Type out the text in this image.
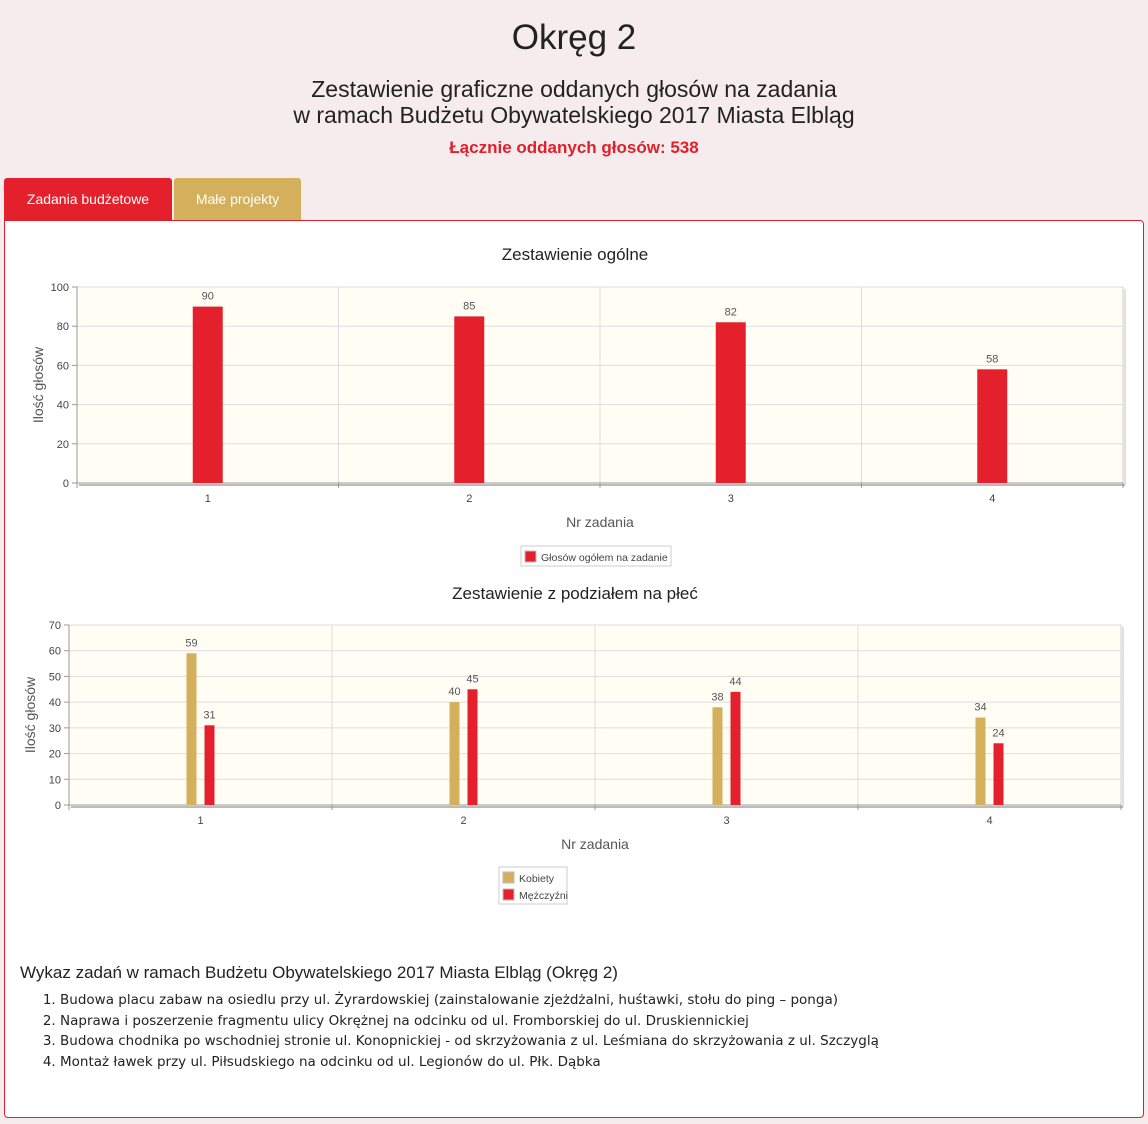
Okręg 2
Zestawienie graficzne oddanych głosów na zadania
w ramach Budżetu Obywatelskiego 2017 Miasta Elbląg
Łącznie oddanych głosów: 538
Zadania budżetowe	Małe projekty
Zestawienie ogólne
0
20
40
60
80
100
1	2	3	4
Nr zadania
Ilość głosów
90
85	82
58
Głosów ogółem na zadanie
Zestawienie z podziałem na płeć
0
10
20
30
40
50
60
70
1	2	3	4
Nr zadania
Ilość głosów
59
40	38
34
31
45	44
24
Kobiety
Mężczyźni
Wykaz zadań w ramach Budżetu Obywatelskiego 2017 Miasta Elbląg (Okręg 2)
1. Budowa placu zabaw na osiedlu przy ul. Żyrardowskiej (zainstalowanie zjeżdżalni, huśtawki, stołu do ping – ponga)
2. Naprawa i poszerzenie fragmentu ulicy Okrężnej na odcinku od ul. Fromborskiej do ul. Druskiennickiej
3. Budowa chodnika po wschodniej stronie ul. Konopnickiej - od skrzyżowania z ul. Leśmiana do skrzyżowania z ul. Szczyglą
4. Montaż ławek przy ul. Piłsudskiego na odcinku od ul. Legionów do ul. Płk. Dąbka
